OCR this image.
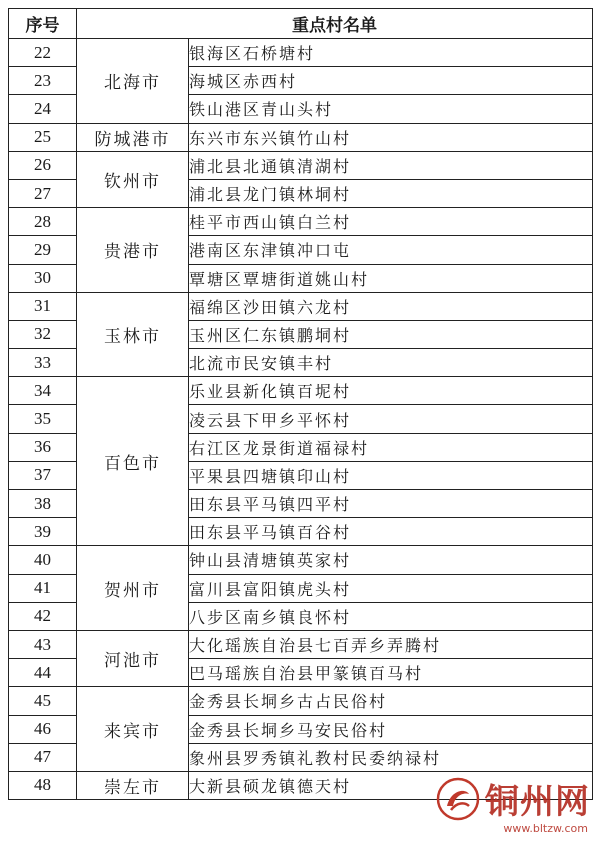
序号	重点村名单	
22	北海市	银海区石桥塘村
23		海城区赤西村
24		铁山港区青山头村
25	防城港市	东兴市东兴镇竹山村
26	钦州市	浦北县北通镇清湖村
27		浦北县龙门镇林垌村
28	贵港市	桂平市西山镇白兰村
29		港南区东津镇冲口屯
30		覃塘区覃塘街道姚山村
31	玉林市	福绵区沙田镇六龙村
32		玉州区仁东镇鹏垌村
33		北流市民安镇丰村
34	百色市	乐业县新化镇百坭村
35		凌云县下甲乡平怀村
36		右江区龙景街道福禄村
37		平果县四塘镇印山村
38		田东县平马镇四平村
39		田东县平马镇百谷村
40	贺州市	钟山县清塘镇英家村
41		富川县富阳镇虎头村
42		八步区南乡镇良怀村
43	河池市	大化瑶族自治县七百弄乡弄腾村
44		巴马瑶族自治县甲篆镇百马村
45	来宾市	金秀县长垌乡古占民俗村
46		金秀县长垌乡马安民俗村
47		象州县罗秀镇礼教村民委纳禄村
48	崇左市	大新县硕龙镇德天村	铜州网
www.bltzw.com
